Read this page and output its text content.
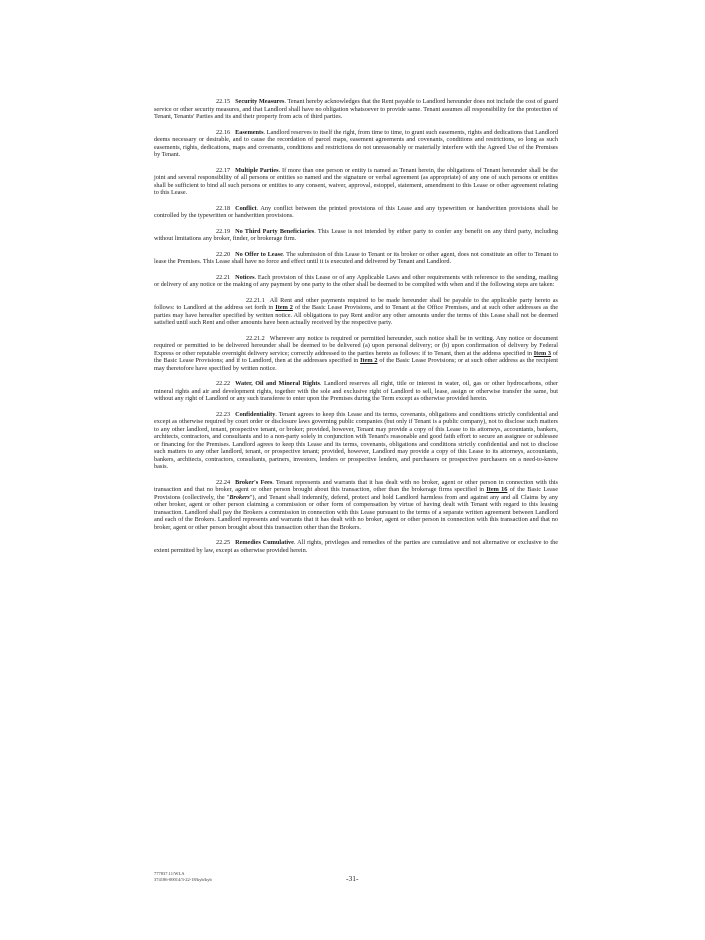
22.15 Security Measures. Tenant hereby acknowledges that the Rent payable to Landlord hereunder does not include the cost of guard service or other security measures, and that Landlord shall have no obligation whatsoever to provide same. Tenant assumes all responsibility for the protection of Tenant, Tenants' Parties and its and their property from acts of third parties.

22.16 Easements. Landlord reserves to itself the right, from time to time, to grant such easements, rights and dedications that Landlord deems necessary or desirable, and to cause the recordation of parcel maps, easement agreements and covenants, conditions and restrictions, so long as such easements, rights, dedications, maps and covenants, conditions and restrictions do not unreasonably or materially interfere with the Agreed Use of the Premises by Tenant.

22.17 Multiple Parties. If more than one person or entity is named as Tenant herein, the obligations of Tenant hereunder shall be the joint and several responsibility of all persons or entities so named and the signature or verbal agreement (as appropriate) of any one of such persons or entities shall be sufficient to bind all such persons or entities to any consent, waiver, approval, estoppel, statement, amendment to this Lease or other agreement relating to this Lease.

22.18 Conflict. Any conflict between the printed provisions of this Lease and any typewritten or handwritten provisions shall be controlled by the typewritten or handwritten provisions.

22.19 No Third Party Beneficiaries. This Lease is not intended by either party to confer any benefit on any third party, including without limitations any broker, finder, or brokerage firm.

22.20 No Offer to Lease. The submission of this Lease to Tenant or its broker or other agent, does not constitute an offer to Tenant to lease the Premises. This Lease shall have no force and effect until it is executed and delivered by Tenant and Landlord.

22.21 Notices. Each provision of this Lease or of any Applicable Laws and other requirements with reference to the sending, mailing or delivery of any notice or the making of any payment by one party to the other shall be deemed to be complied with when and if the following steps are taken:

22.21.1 All Rent and other payments required to be made hereunder shall be payable to the applicable party hereto as follows: to Landlord at the address set forth in Item 2 of the Basic Lease Provisions, and to Tenant at the Office Premises, and at such other addresses as the parties may have hereafter specified by written notice. All obligations to pay Rent and/or any other amounts under the terms of this Lease shall not be deemed satisfied until such Rent and other amounts have been actually received by the respective party.

22.21.2 Wherever any notice is required or permitted hereunder, such notice shall be in writing. Any notice or document required or permitted to be delivered hereunder shall be deemed to be delivered (a) upon personal delivery; or (b) upon confirmation of delivery by Federal Express or other reputable overnight delivery service; correctly addressed to the parties hereto as follows: if to Tenant, then at the address specified in Item 3 of the Basic Lease Provisions; and if to Landlord, then at the addresses specified in Item 2 of the Basic Lease Provisions; or at such other address as the recipient may theretofore have specified by written notice.

22.22 Water, Oil and Mineral Rights. Landlord reserves all right, title or interest in water, oil, gas or other hydrocarbons, other mineral rights and air and development rights, together with the sole and exclusive right of Landlord to sell, lease, assign or otherwise transfer the same, but without any right of Landlord or any such transferee to enter upon the Premises during the Term except as otherwise provided herein.

22.23 Confidentiality. Tenant agrees to keep this Lease and its terms, covenants, obligations and conditions strictly confidential and except as otherwise required by court order or disclosure laws governing public companies (but only if Tenant is a public company), not to disclose such matters to any other landlord, tenant, prospective tenant, or broker; provided, however, Tenant may provide a copy of this Lease to its attorneys, accountants, bankers, architects, contractors, and consultants and to a non-party solely in conjunction with Tenant's reasonable and good faith effort to secure an assignee or sublessee or financing for the Premises. Landlord agrees to keep this Lease and its terms, covenants, obligations and conditions strictly confidential and not to disclose such matters to any other landlord, tenant, or prospective tenant; provided, however, Landlord may provide a copy of this Lease to its attorneys, accountants, bankers, architects, contractors, consultants, partners, investors, lenders or prospective lenders, and purchasers or prospective purchasers on a need-to-know basis.

22.24 Broker's Fees. Tenant represents and warrants that it has dealt with no broker, agent or other person in connection with this transaction and that no broker, agent or other person brought about this transaction, other than the brokerage firms specified in Item 16 of the Basic Lease Provisions (collectively, the "Brokers"), and Tenant shall indemnify, defend, protect and hold Landlord harmless from and against any and all Claims by any other broker, agent or other person claiming a commission or other form of compensation by virtue of having dealt with Tenant with regard to this leasing transaction. Landlord shall pay the Brokers a commission in connection with this Lease pursuant to the terms of a separate written agreement between Landlord and each of the Brokers. Landlord represents and warrants that it has dealt with no broker, agent or other person in connection with this transaction and that no broker, agent or other person brought about this transaction other than the Brokers.

22.25 Remedies Cumulative. All rights, privileges and remedies of the parties are cumulative and not alternative or exclusive to the extent permitted by law, except as otherwise provided herein.

777837.11/WLA
374186-00014/3-22-18/kyb/kyb	-31-
